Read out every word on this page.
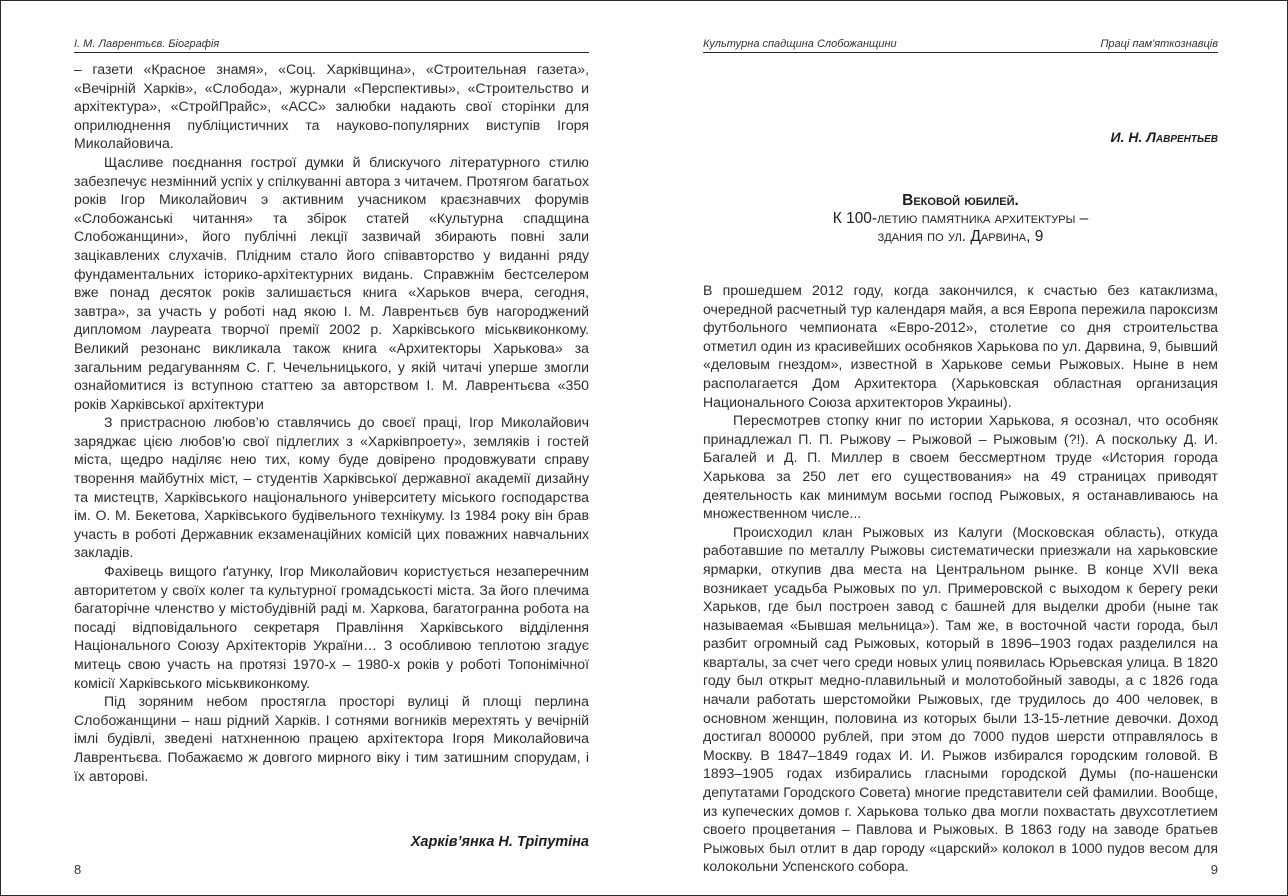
І. М. Лаврентьєв. Біографія

– газети «Красное знамя», «Соц. Харківщина», «Строительная газета», «Вечірній Харків», «Слобода», журнали «Перспективы», «Строительство и архітектура», «СтройПрайс», «АСС» залюбки надають свої сторінки для оприлюднення публіцистичних та науково-популярних виступів Ігоря Миколайовича.

Щасливе поєднання гострої думки й блискучого літературного стилю забезпечує незмінний успіх у спілкуванні автора з читачем. Протягом багатьох років Ігор Миколайович э активним учасником краєзнавчих форумів «Слобожанські читання» та збірок статей «Культурна спадщина Слобожанщини», його публічні лекції зазвичай збирають повні зали зацікавлених слухачів. Плідним стало його співавторство у виданні ряду фундаментальних історико-архітектурних видань. Справжнім бестселером вже понад десяток років залишається книга «Харьков вчера, сегодня, завтра», за участь у роботі над якою І. М. Лаврентьєв був нагороджений дипломом лауреата творчої премії 2002 р. Харківського міськвиконкому. Великий резонанс викликала також книга «Архитекторы Харькова» за загальним редагуванням С. Г. Чечельницького, у якій читачі уперше змогли ознайомитися із вступною статтею за авторством І. М. Лаврентьєва «350 років Харківської архітектури

З пристрасною любов’ю ставлячись до своєї праці, Ігор Миколайович заряджає цією любов’ю свої підлеглих з «Харківпроету», земляків і гостей міста, щедро наділяє нею тих, кому буде довірено продовжувати справу творення майбутніх міст, – студентів Харківської державної академії дизайну та мистецтв, Харківського національного університету міського господарства ім. О. М. Бекетова, Харківського будівельного технікуму. Із 1984 року він брав участь в роботі Державник екзаменаційних комісій цих поважних навчальних закладів.

Фахівець вищого ґатунку, Ігор Миколайович користується незаперечним авторитетом у своїх колег та культурної громадськості міста. За його плечима багаторічне членство у містобудівній раді м. Харкова, багатогранна робота на посаді відповідального секретаря Правління Харківського відділення Національного Союзу Архітекторів України… З особливою теплотою згадує митець свою участь на протязі 1970-х – 1980-х років у роботі Топонімічної комісії Харківського міськвиконкому.

Під зоряним небом простягла просторі вулиці й площі перлина Слобожанщини – наш рідний Харків. І сотнями вогників мерехтять у вечірній імлі будівлі, зведені натхненною працею архітектора Ігоря Миколайовича Лаврентьєва. Побажаємо ж довгого мирного віку і тим затишним спорудам, і їх авторові.

Харків’янка Н. Тріпутіна
8
Культурна спадщина Слобожанщини	Праці пам'яткознавців
И. Н. Лаврентьев
Вековой юбилей.
К 100-летию памятника архитектуры –
здания по ул. Дарвина, 9

В прошедшем 2012 году, когда закончился, к счастью без катаклизма, очередной расчетный тур календаря майя, а вся Европа пережила пароксизм футбольного чемпионата «Евро-2012», столетие со дня строительства отметил один из красивейших особняков Харькова по ул. Дарвина, 9, бывший «деловым гнездом», известной в Харькове семьи Рыжовых. Ныне в нем располагается Дом Архитектора (Харьковская областная организация Национального Союза архитекторов Украины).

Пересмотрев стопку книг по истории Харькова, я осознал, что особняк принадлежал П. П. Рыжову – Рыжовой – Рыжовым (?!). А поскольку Д. И. Багалей и Д. П. Миллер в своем бессмертном труде «История города Харькова за 250 лет его существования» на 49 страницах приводят деятельность как минимум восьми господ Рыжовых, я останавливаюсь на множественном числе...

Происходил клан Рыжовых из Калуги (Московская область), откуда работавшие по металлу Рыжовы систематически приезжали на харьковские ярмарки, откупив два места на Центральном рынке. В конце XVII века возникает усадьба Рыжовых по ул. Примеровской с выходом к берегу реки Харьков, где был построен завод с башней для выделки дроби (ныне так называемая «Бывшая мельница»). Там же, в восточной части города, был разбит огромный сад Рыжовых, который в 1896–1903 годах разделился на кварталы, за счет чего среди новых улиц появилась Юрьевская улица. В 1820 году был открыт медно-плавильный и молотобойный заводы, а с 1826 года начали работать шерстомойки Рыжовых, где трудилось до 400 человек, в основном женщин, половина из которых были 13-15-летние девочки. Доход достигал 800000 рублей, при этом до 7000 пудов шерсти отправлялось в Москву. В 1847–1849 годах И. И. Рыжов избирался городским головой. В 1893–1905 годах избирались гласными городской Думы (по-нашенски депутатами Городского Совета) многие представители сей фамилии. Вообще, из купеческих домов г. Харькова только два могли похвастать двухсотлетием своего процветания – Павлова и Рыжовых. В 1863 году на заводе братьев Рыжовых был отлит в дар городу «царский» колокол в 1000 пудов весом для колокольни Успенского собора.	9
